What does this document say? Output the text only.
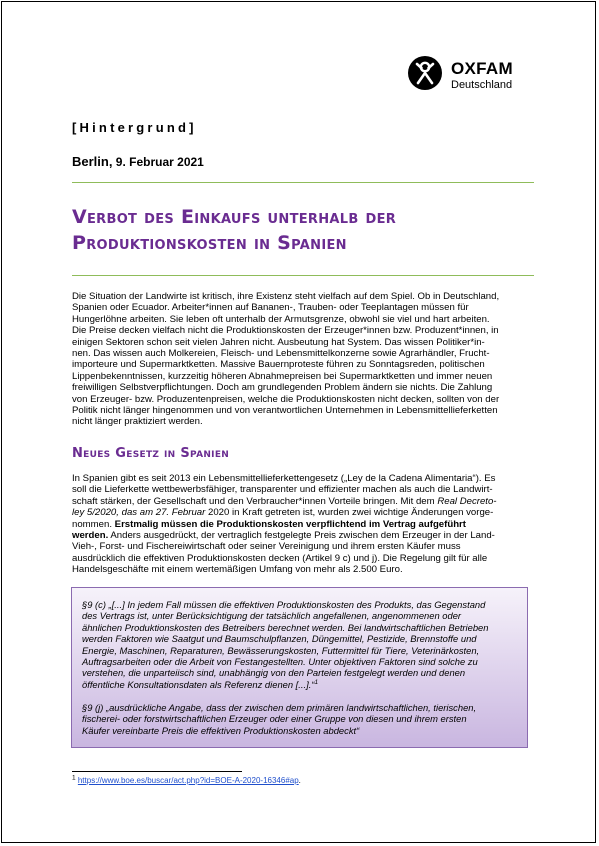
OXFAM
Deutschland
[Hintergrund]
Berlin, 9. Februar 2021
Verbot des Einkaufs unterhalb der
Produktionskosten in Spanien
Die Situation der Landwirte ist kritisch, ihre Existenz steht vielfach auf dem Spiel. Ob in Deutschland,
Spanien oder Ecuador. Arbeiter*innen auf Bananen-, Trauben- oder Teeplantagen müssen für
Hungerlöhne arbeiten. Sie leben oft unterhalb der Armutsgrenze, obwohl sie viel und hart arbeiten.
Die Preise decken vielfach nicht die Produktionskosten der Erzeuger*innen bzw. Produzent*innen, in
einigen Sektoren schon seit vielen Jahren nicht. Ausbeutung hat System. Das wissen Politiker*in-
nen. Das wissen auch Molkereien, Fleisch- und Lebensmittelkonzerne sowie Agrarhändler, Frucht-
importeure und Supermarktketten. Massive Bauernproteste führen zu Sonntagsreden, politischen
Lippenbekenntnissen, kurzzeitig höheren Abnahmepreisen bei Supermarktketten und immer neuen
freiwilligen Selbstverpflichtungen. Doch am grundlegenden Problem ändern sie nichts. Die Zahlung
von Erzeuger- bzw. Produzentenpreisen, welche die Produktionskosten nicht decken, sollten von der
Politik nicht länger hingenommen und von verantwortlichen Unternehmen in Lebensmittellieferketten
nicht länger praktiziert werden.
Neues Gesetz in Spanien
In Spanien gibt es seit 2013 ein Lebensmittellieferkettengesetz („Ley de la Cadena Alimentaria“). Es
soll die Lieferkette wettbewerbsfähiger, transparenter und effizienter machen als auch die Landwirt-
schaft stärken, der Gesellschaft und den Verbraucher*innen Vorteile bringen. Mit dem Real Decreto-
ley 5/2020, das am 27. Februar 2020 in Kraft getreten ist, wurden zwei wichtige Änderungen vorge-
nommen. Erstmalig müssen die Produktionskosten verpflichtend im Vertrag aufgeführt
werden. Anders ausgedrückt, der vertraglich festgelegte Preis zwischen dem Erzeuger in der Land-
Vieh-, Forst- und Fischereiwirtschaft oder seiner Vereinigung und ihrem ersten Käufer muss
ausdrücklich die effektiven Produktionskosten decken (Artikel 9 c) und j). Die Regelung gilt für alle
Handelsgeschäfte mit einem wertemäßigen Umfang von mehr als 2.500 Euro.
§9 (c) „[...] In jedem Fall müssen die effektiven Produktionskosten des Produkts, das Gegenstand
des Vertrags ist, unter Berücksichtigung der tatsächlich angefallenen, angenommenen oder
ähnlichen Produktionskosten des Betreibers berechnet werden. Bei landwirtschaftlichen Betrieben
werden Faktoren wie Saatgut und Baumschulpflanzen, Düngemittel, Pestizide, Brennstoffe und
Energie, Maschinen, Reparaturen, Bewässerungskosten, Futtermittel für Tiere, Veterinärkosten,
Auftragsarbeiten oder die Arbeit von Festangestellten. Unter objektiven Faktoren sind solche zu
verstehen, die unparteiisch sind, unabhängig von den Parteien festgelegt werden und denen
öffentliche Konsultationsdaten als Referenz dienen [...].“$^1$
§9 (j) „ausdrückliche Angabe, dass der zwischen dem primären landwirtschaftlichen, tierischen,
fischerei- oder forstwirtschaftlichen Erzeuger oder einer Gruppe von diesen und ihrem ersten
Käufer vereinbarte Preis die effektiven Produktionskosten abdeckt“
$^1$ https://www.boe.es/buscar/act.php?id=BOE-A-2020-16346#ap.
